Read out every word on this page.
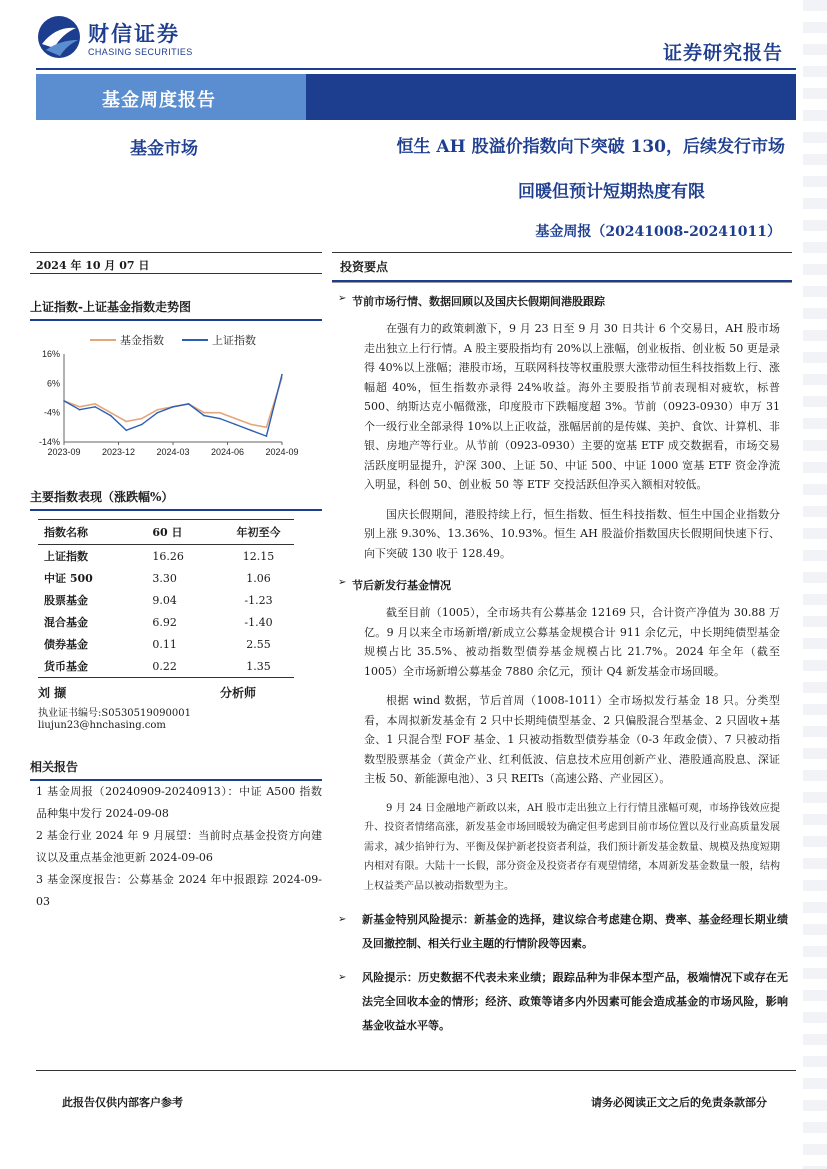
财信证券
CHASING SECURITIES	证券研究报告
基金周度报告
基金市场	恒生 AH 股溢价指数向下突破 130，后续发行市场
回暖但预计短期热度有限
基金周报（20241008-20241011）
2024 年 10 月 07 日
上证指数-上证基金指数走势图
16%
6%
-4%
-14%
2023-09 2023-12 2024-03 2024-06 2024-09
基金指数	上证指数
主要指数表现（涨跌幅%）
指数名称	60 日	年初至今
上证指数	16.26	12.15
中证 500	3.30	1.06
股票基金	9.04	-1.23
混合基金	6.92	-1.40
债券基金	0.11	2.55
货币基金	0.22	1.35
刘 撷	分析师
执业证书编号:S0530519090001
liujun23@hnchasing.com
相关报告
1 基金周报（20240909-20240913）：中证 A500 指数品种集中发行 2024-09-08
2 基金行业 2024 年 9 月展望：当前时点基金投资方向建议以及重点基金池更新 2024-09-06
3 基金深度报告：公募基金 2024 年中报跟踪 2024-09-03
投资要点
➢ 节前市场行情、数据回顾以及国庆长假期间港股跟踪
在强有力的政策刺激下，9 月 23 日至 9 月 30 日共计 6 个交易日，AH 股市场走出独立上行行情。A 股主要股指均有 20%以上涨幅，创业板指、创业板 50 更是录得 40%以上涨幅；港股市场，互联网科技等权重股票大涨带动恒生科技指数上行、涨幅超 40%，恒生指数亦录得 24%收益。海外主要股指节前表现相对疲软，标普 500、纳斯达克小幅微涨，印度股市下跌幅度超 3%。节前（0923-0930）申万 31 个一级行业全部录得 10%以上正收益，涨幅居前的是传媒、美护、食饮、计算机、非银、房地产等行业。从节前（0923-0930）主要的宽基 ETF 成交数据看，市场交易活跃度明显提升，沪深 300、上证 50、中证 500、中证 1000 宽基 ETF 资金净流入明显，科创 50、创业板 50 等 ETF 交投活跃但净买入额相对较低。
国庆长假期间，港股持续上行，恒生指数、恒生科技指数、恒生中国企业指数分别上涨 9.30%、13.36%、10.93%。恒生 AH 股溢价指数国庆长假期间快速下行、向下突破 130 收于 128.49。
➢ 节后新发行基金情况
截至目前（1005），全市场共有公募基金 12169 只，合计资产净值为 30.88 万亿。9 月以来全市场新增/新成立公募基金规模合计 911 余亿元，中长期纯债型基金规模占比 35.5%、被动指数型债券基金规模占比 21.7%。2024 年全年（截至 1005）全市场新增公募基金 7880 余亿元，预计 Q4 新发基金市场回暖。
根据 wind 数据，节后首周（1008-1011）全市场拟发行基金 18 只。分类型看，本周拟新发基金有 2 只中长期纯债型基金、2 只偏股混合型基金、2 只固收+基金、1 只混合型 FOF 基金、1 只被动指数型债券基金（0-3 年政金债）、7 只被动指数型股票基金（黄金产业、红利低波、信息技术应用创新产业、港股通高股息、深证主板 50、新能源电池）、3 只 REITs（高速公路、产业园区）。
9 月 24 日金融地产新政以来，AH 股市走出独立上行行情且涨幅可观，市场挣钱效应提升、投资者情绪高涨，新发基金市场回暖较为确定但考虑到目前市场位置以及行业高质量发展需求，减少掐钟行为、平衡及保护新老投资者利益，我们预计新发基金数量、规模及热度短期内相对有限。大陆十一长假，部分资金及投资者存有观望情绪，本周新发基金数量一般，结构上权益类产品以被动指数型为主。
➢ 新基金特别风险提示：新基金的选择，建议综合考虑建仓期、费率、基金经理长期业绩及回撤控制、相关行业主题的行情阶段等因素。
➢ 风险提示：历史数据不代表未来业绩；跟踪品种为非保本型产品，极端情况下或存在无法完全回收本金的情形；经济、政策等诸多内外因素可能会造成基金的市场风险，影响基金收益水平等。
此报告仅供内部客户参考	请务必阅读正文之后的免责条款部分
